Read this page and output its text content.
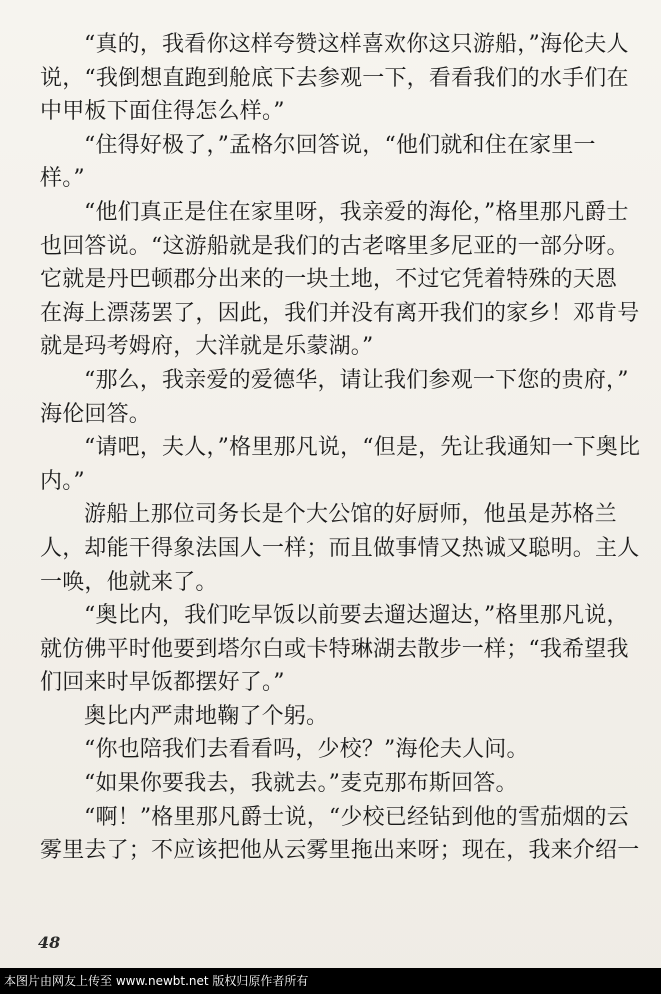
“真的，我看你这样夸赞这样喜欢你这只游船，”海伦夫人
说，“我倒想直跑到舱底下去参观一下，看看我们的水手们在
中甲板下面住得怎么样。”
“住得好极了，”孟格尔回答说，“他们就和住在家里一
样。”
“他们真正是住在家里呀，我亲爱的海伦，”格里那凡爵士
也回答说。“这游船就是我们的古老喀里多尼亚的一部分呀。
它就是丹巴顿郡分出来的一块土地，不过它凭着特殊的天恩
在海上漂荡罢了，因此，我们并没有离开我们的家乡！邓肯号
就是玛考姆府，大洋就是乐蒙湖。”
“那么，我亲爱的爱德华，请让我们参观一下您的贵府，”
海伦回答。
“请吧，夫人，”格里那凡说，“但是，先让我通知一下奥比
内。”
游船上那位司务长是个大公馆的好厨师，他虽是苏格兰
人，却能干得象法国人一样；而且做事情又热诚又聪明。主人
一唤，他就来了。
“奥比内，我们吃早饭以前要去遛达遛达，”格里那凡说，
就仿佛平时他要到塔尔白或卡特琳湖去散步一样；“我希望我
们回来时早饭都摆好了。”
奥比内严肃地鞠了个躬。
“你也陪我们去看看吗，少校？”海伦夫人问。
“如果你要我去，我就去。”麦克那布斯回答。
“啊！”格里那凡爵士说，“少校已经钻到他的雪茄烟的云
雾里去了；不应该把他从云雾里拖出来呀；现在，我来介绍一
48
本图片由网友上传至 www.newbt.net 版权归原作者所有
